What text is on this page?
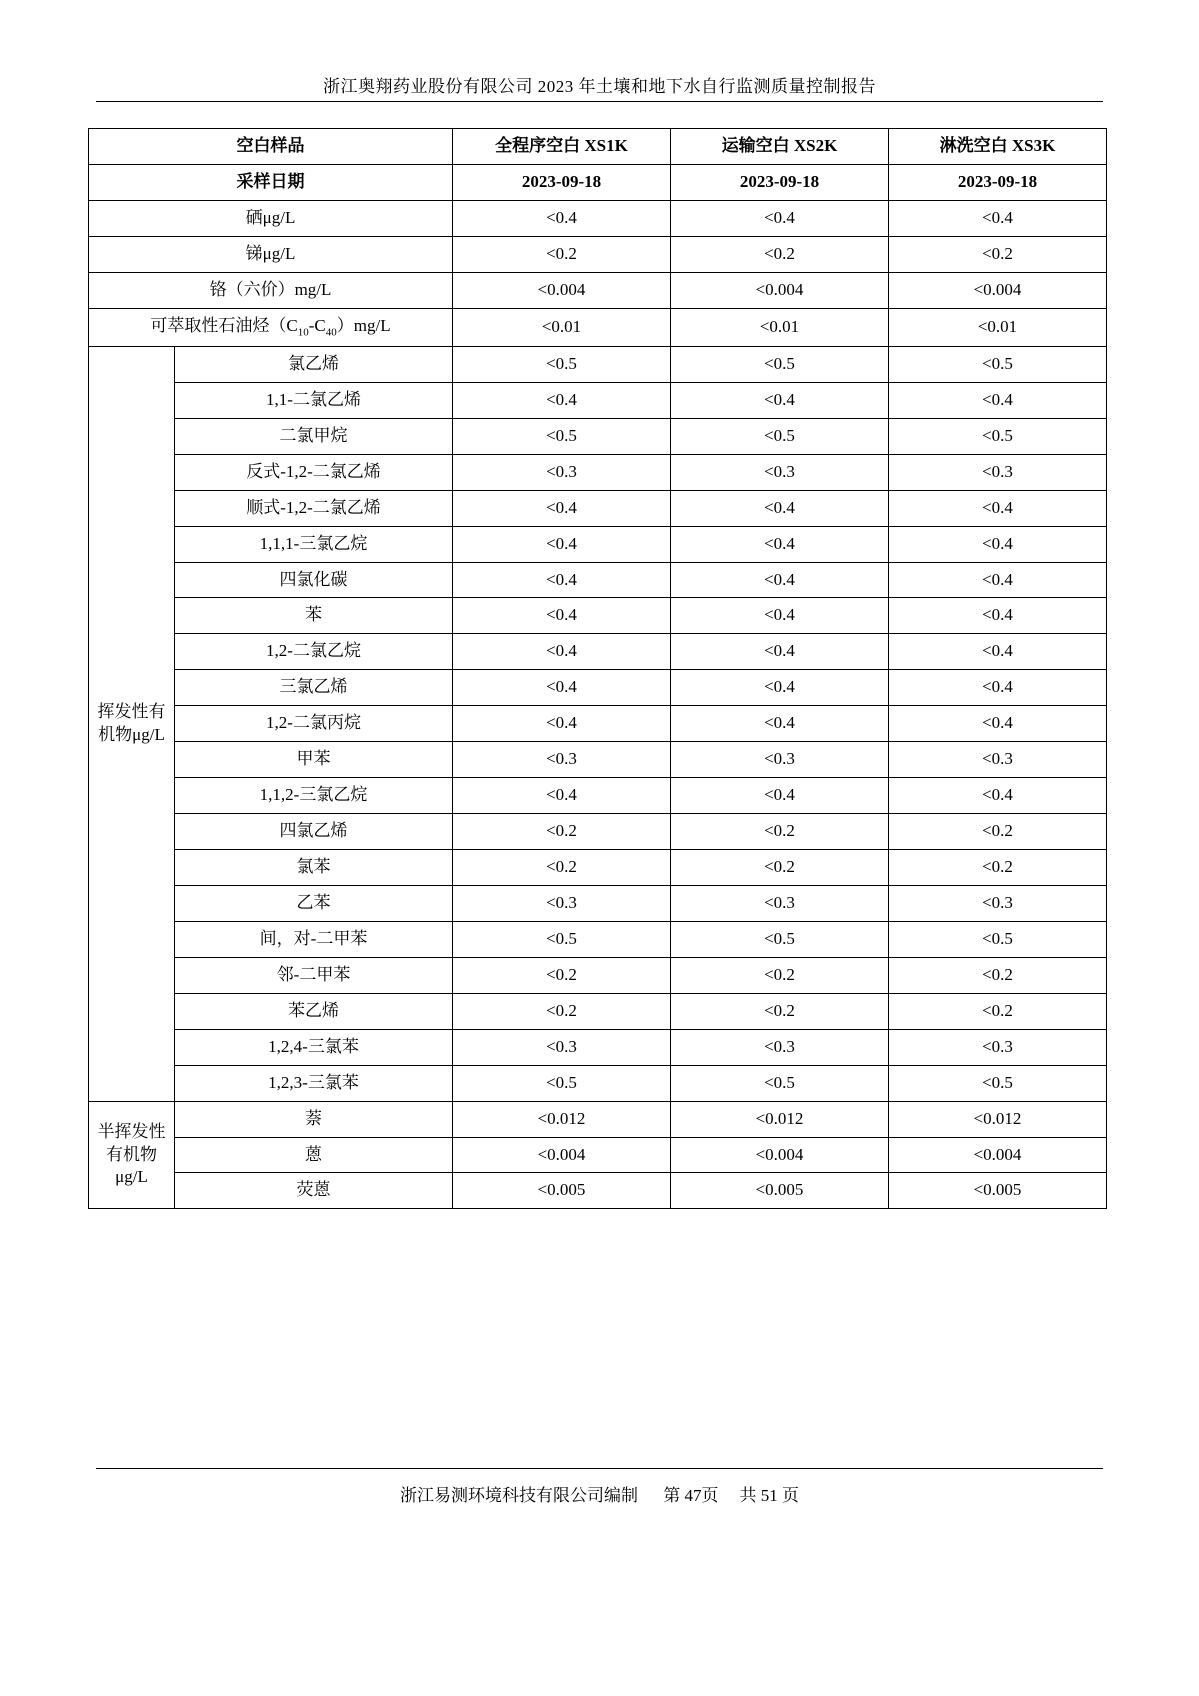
浙江奥翔药业股份有限公司 2023 年土壤和地下水自行监测质量控制报告
空白样品		全程序空白 XS1K	运输空白 XS2K	淋洗空白 XS3K
采样日期		2023-09-18	2023-09-18	2023-09-18
硒μg/L		<0.4	<0.4	<0.4
锑μg/L		<0.2	<0.2	<0.2
铬（六价）mg/L		<0.004	<0.004	<0.004
可萃取性石油烃$(C_{10}-C_{40})mg/L$		<0.01	<0.01	<0.01
挥发性有机物μg/L	氯乙烯	<0.5	<0.5	<0.5
	1,1-二氯乙烯	<0.4	<0.4	<0.4
	二氯甲烷	<0.5	<0.5	<0.5
	反式-1,2-二氯乙烯	<0.3	<0.3	<0.3
	顺式-1,2-二氯乙烯	<0.4	<0.4	<0.4
	1,1,1-三氯乙烷	<0.4	<0.4	<0.4
	四氯化碳	<0.4	<0.4	<0.4
	苯	<0.4	<0.4	<0.4
	1,2-二氯乙烷	<0.4	<0.4	<0.4
	三氯乙烯	<0.4	<0.4	<0.4
	1,2-二氯丙烷	<0.4	<0.4	<0.4
	甲苯	<0.3	<0.3	<0.3
	1,1,2-三氯乙烷	<0.4	<0.4	<0.4
	四氯乙烯	<0.2	<0.2	<0.2
	氯苯	<0.2	<0.2	<0.2
	乙苯	<0.3	<0.3	<0.3
	间，对-二甲苯	<0.5	<0.5	<0.5
	邻-二甲苯	<0.2	<0.2	<0.2
	苯乙烯	<0.2	<0.2	<0.2
	1,2,4-三氯苯	<0.3	<0.3	<0.3
	1,2,3-三氯苯	<0.5	<0.5	<0.5
半挥发性有机物μg/L	萘	<0.012	<0.012	<0.012
	蒽	<0.004	<0.004	<0.004
	荧蒽	<0.005	<0.005	<0.005
浙江易测环境科技有限公司编制 第 47页 共 51 页
